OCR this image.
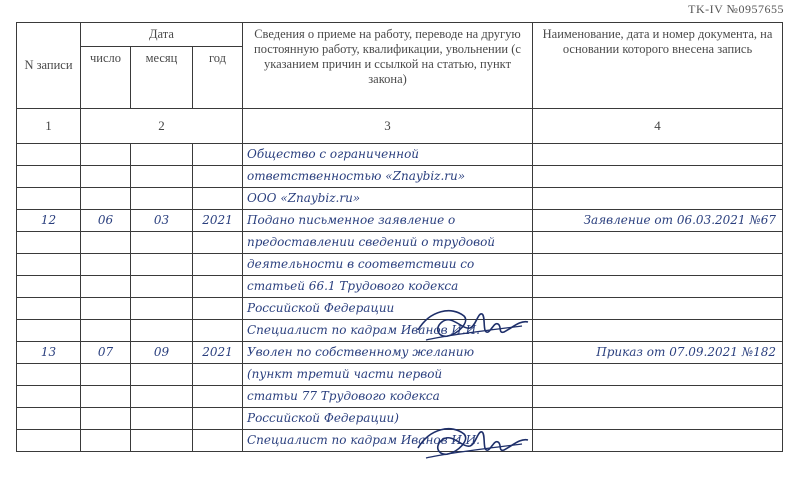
TK-IV №0957655
N записи	Дата			Сведения о приеме на работу, переводе на другую постоянную работу, квалификации, увольнении (с указанием причин и ссылкой на статью, пункт закона)	Наименование, дата и номер документа, на основании которого внесена запись
	число	месяц	год		
1	2			3	4
				Общество с ограниченной	
				ответственностью «Znaybiz.ru»	
				ООО «Znaybiz.ru»	
12	06	03	2021	Подано письменное заявление о	Заявление от 06.03.2021 №67
				предоставлении сведений о трудовой	
				деятельности в соответствии со	
				статьей 66.1 Трудового кодекса	
				Российской Федерации	
				Специалист по кадрам Иванов И.И.	
13	07	09	2021	Уволен по собственному желанию	Приказ от 07.09.2021 №182
				(пункт третий части первой	
				статьи 77 Трудового кодекса	
				Российской Федерации)	
				Специалист по кадрам Иванов И.И.	
